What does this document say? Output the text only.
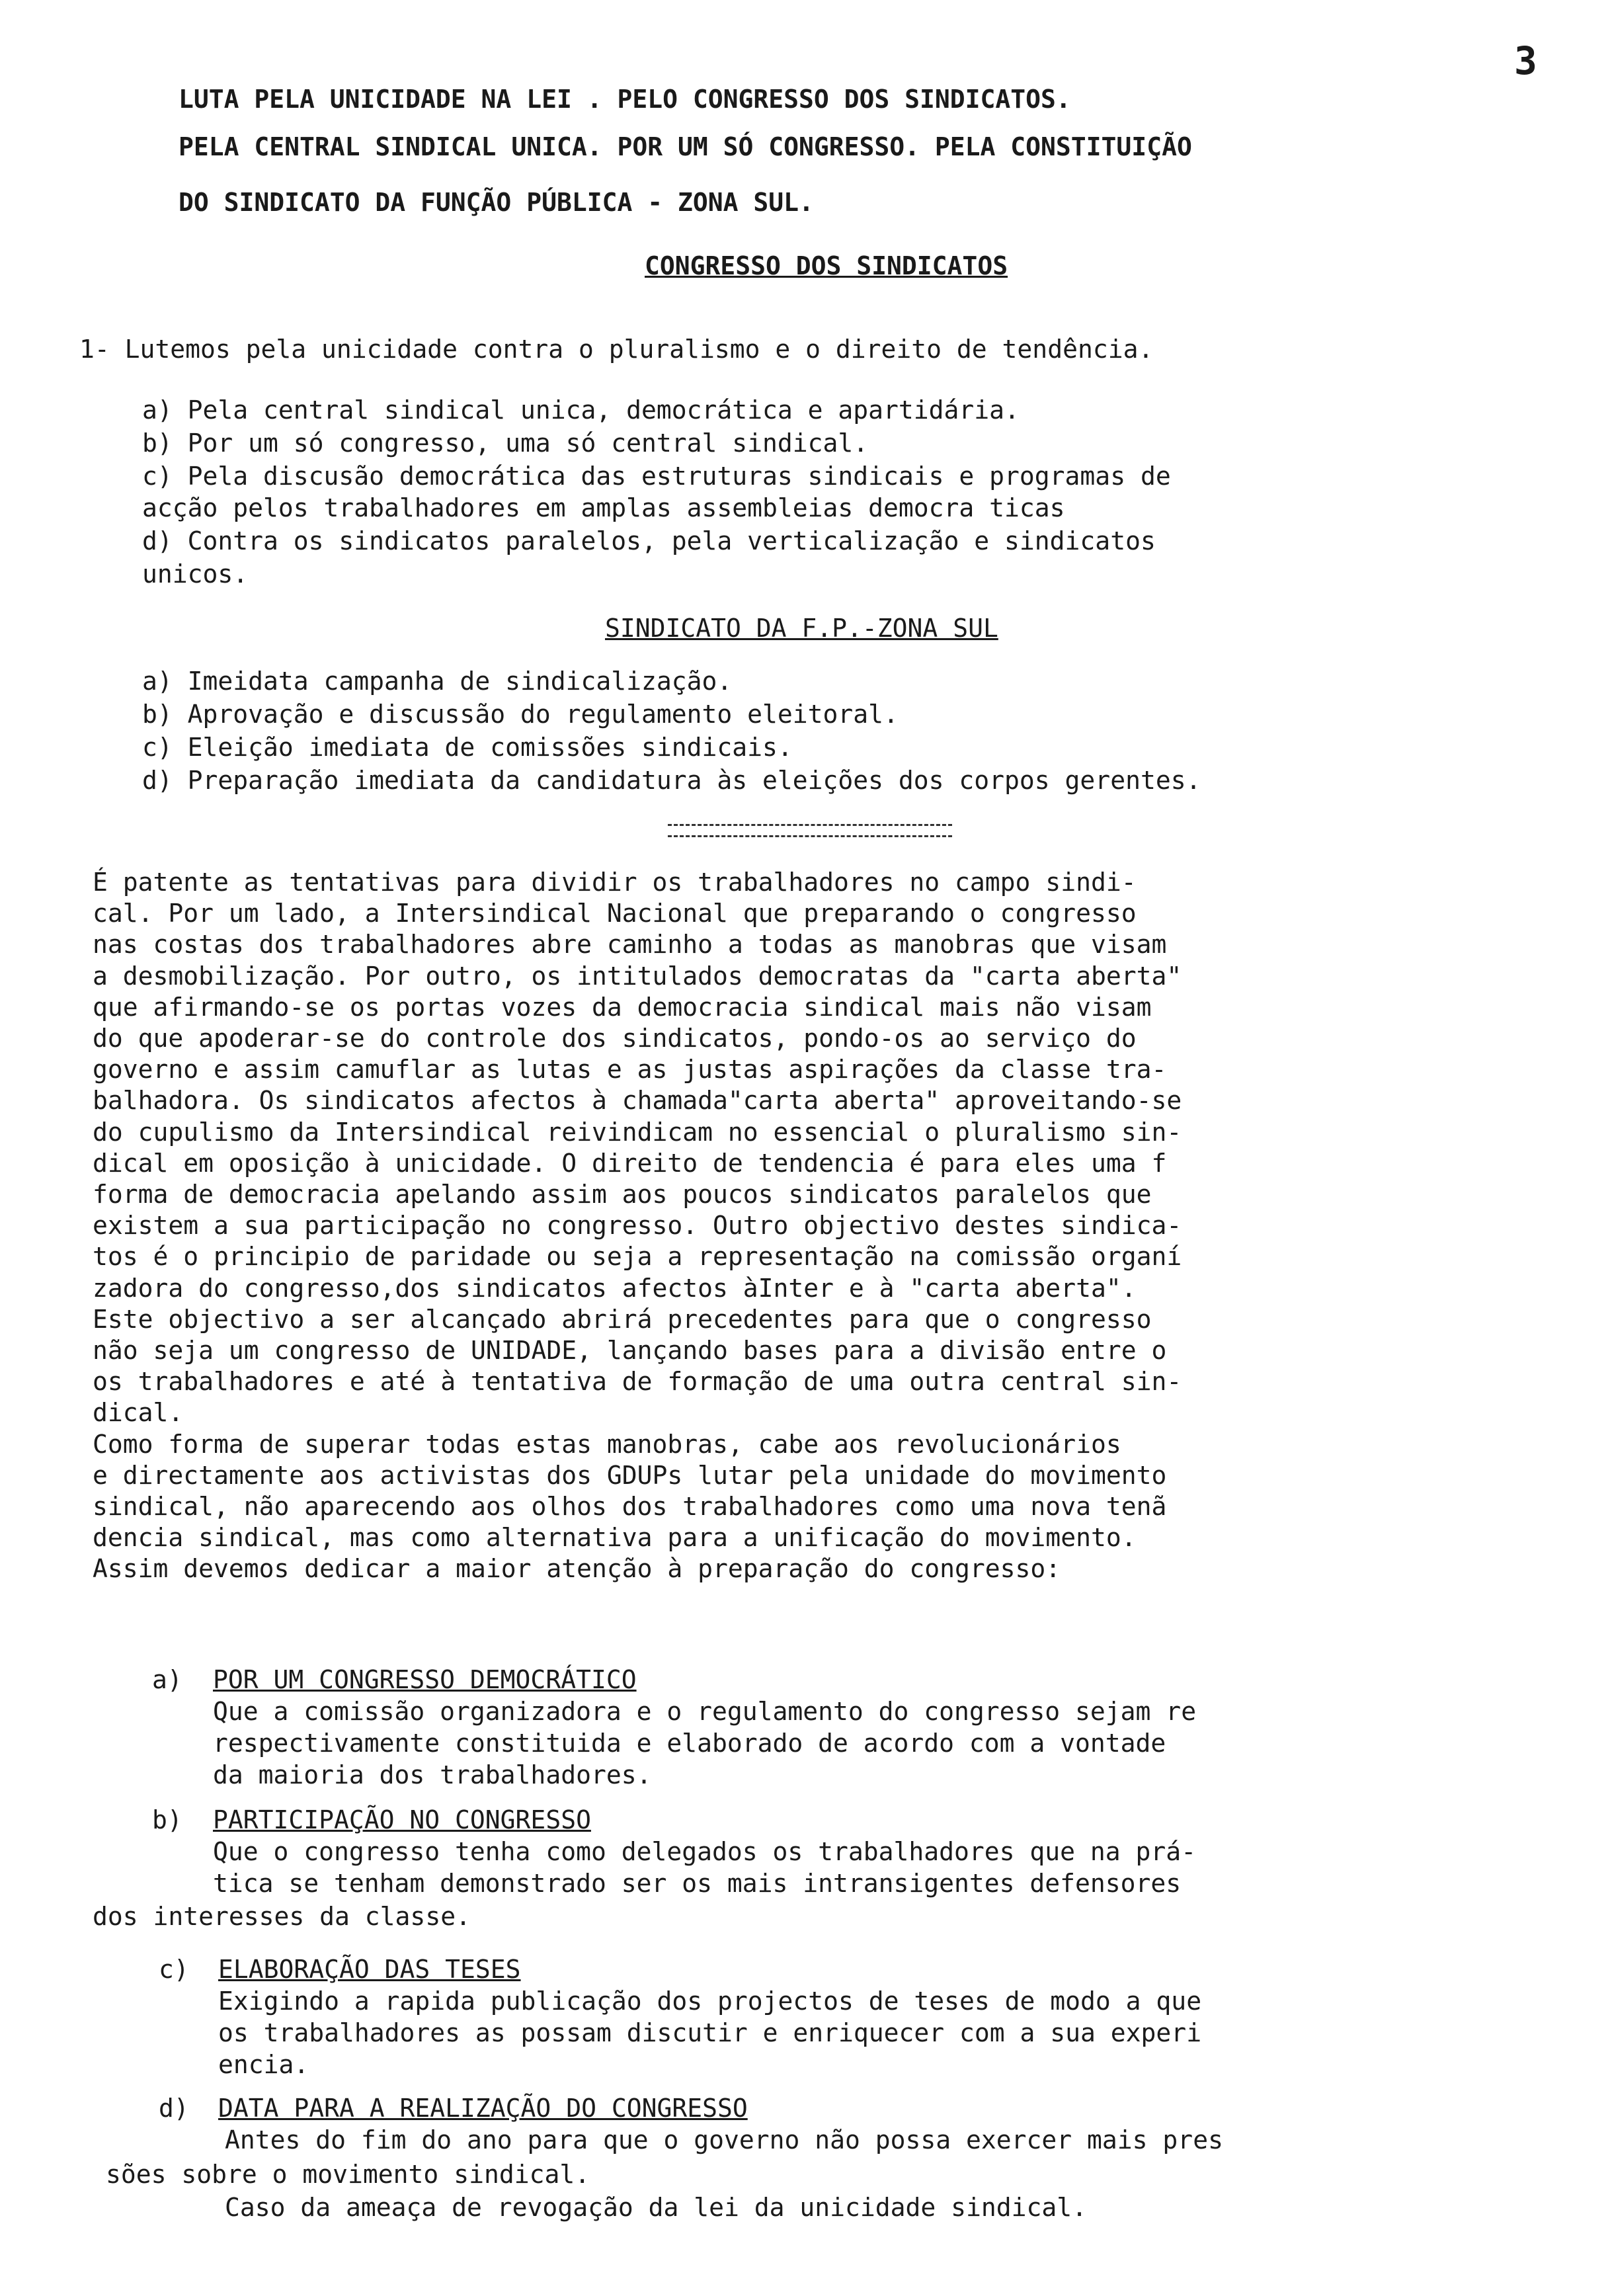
3
LUTA PELA UNICIDADE NA LEI . PELO CONGRESSO DOS SINDICATOS.
PELA CENTRAL SINDICAL UNICA. POR UM SÓ CONGRESSO. PELA CONSTITUIÇÃO
DO SINDICATO DA FUNÇÃO PÚBLICA - ZONA SUL.
CONGRESSO DOS SINDICATOS
1- Lutemos pela unicidade contra o pluralismo e o direito de tendência.
a) Pela central sindical unica, democrática e apartidária.
b) Por um só congresso, uma só central sindical.
c) Pela discusão democrática das estruturas sindicais e programas de
acção pelos trabalhadores em amplas assembleias democra ticas
d) Contra os sindicatos paralelos, pela verticalização e sindicatos
unicos.
SINDICATO DA F.P.-ZONA SUL
a) Imeidata campanha de sindicalização.
b) Aprovação e discussão do regulamento eleitoral.
c) Eleição imediata de comissões sindicais.
d) Preparação imediata da candidatura às eleições dos corpos gerentes.
É patente as tentativas para dividir os trabalhadores no campo sindi-
cal. Por um lado, a Intersindical Nacional que preparando o congresso
nas costas dos trabalhadores abre caminho a todas as manobras que visam
a desmobilização. Por outro, os intitulados democratas da "carta aberta"
que afirmando-se os portas vozes da democracia sindical mais não visam
do que apoderar-se do controle dos sindicatos, pondo-os ao serviço do
governo e assim camuflar as lutas e as justas aspirações da classe tra-
balhadora. Os sindicatos afectos à chamada"carta aberta" aproveitando-se
do cupulismo da Intersindical reivindicam no essencial o pluralismo sin-
dical em oposição à unicidade. O direito de tendencia é para eles uma f
forma de democracia apelando assim aos poucos sindicatos paralelos que
existem a sua participação no congresso. Outro objectivo destes sindica-
tos é o principio de paridade ou seja a representação na comissão organí
zadora do congresso,dos sindicatos afectos àInter e à "carta aberta".
Este objectivo a ser alcançado abrirá precedentes para que o congresso
não seja um congresso de UNIDADE, lançando bases para a divisão entre o
os trabalhadores e até à tentativa de formação de uma outra central sin-
dical.
Como forma de superar todas estas manobras, cabe aos revolucionários
e directamente aos activistas dos GDUPs lutar pela unidade do movimento
sindical, não aparecendo aos olhos dos trabalhadores como uma nova tenã
dencia sindical, mas como alternativa para a unificação do movimento.
Assim devemos dedicar a maior atenção à preparação do congresso:
a) POR UM CONGRESSO DEMOCRÁTICO
Que a comissão organizadora e o regulamento do congresso sejam re
respectivamente constituida e elaborado de acordo com a vontade
da maioria dos trabalhadores.
b) PARTICIPAÇÃO NO CONGRESSO
Que o congresso tenha como delegados os trabalhadores que na prá-
tica se tenham demonstrado ser os mais intransigentes defensores
dos interesses da classe.
c) ELABORAÇÃO DAS TESES
Exigindo a rapida publicação dos projectos de teses de modo a que
os trabalhadores as possam discutir e enriquecer com a sua experi
encia.
d) DATA PARA A REALIZAÇÃO DO CONGRESSO
Antes do fim do ano para que o governo não possa exercer mais pres
sões sobre o movimento sindical.
Caso da ameaça de revogação da lei da unicidade sindical.
